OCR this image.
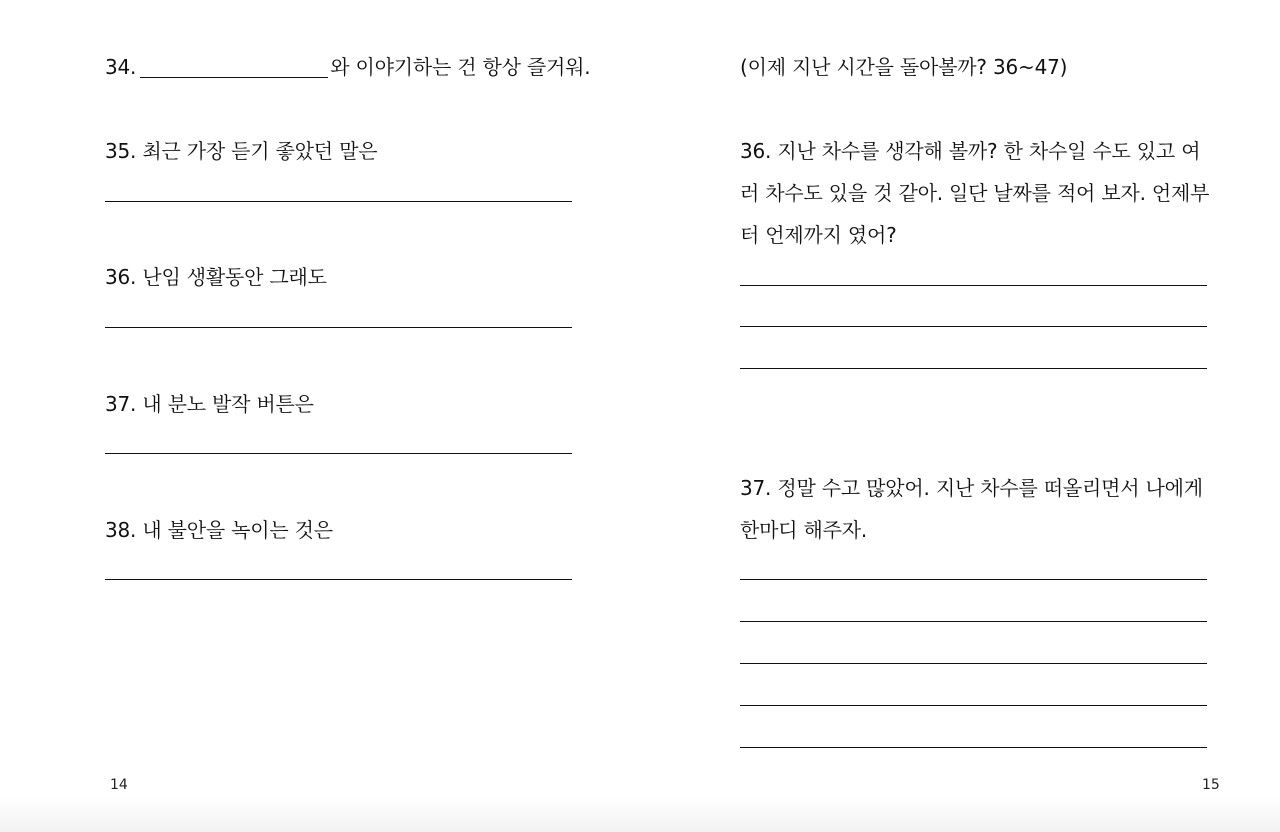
34.	와 이야기하는 건 항상 즐거워.

35. 최근 가장 듣기 좋았던 말은

36. 난임 생활동안 그래도

37. 내 분노 발작 버튼은

38. 내 불안을 녹이는 것은

14

(이제 지난 시간을 돌아볼까? 36~47)

36. 지난 차수를 생각해 볼까? 한 차수일 수도 있고 여러 차수도 있을 것 같아. 일단 날짜를 적어 보자. 언제부터 언제까지 였어?

37. 정말 수고 많았어. 지난 차수를 떠올리면서 나에게 한마디 해주자.

15
